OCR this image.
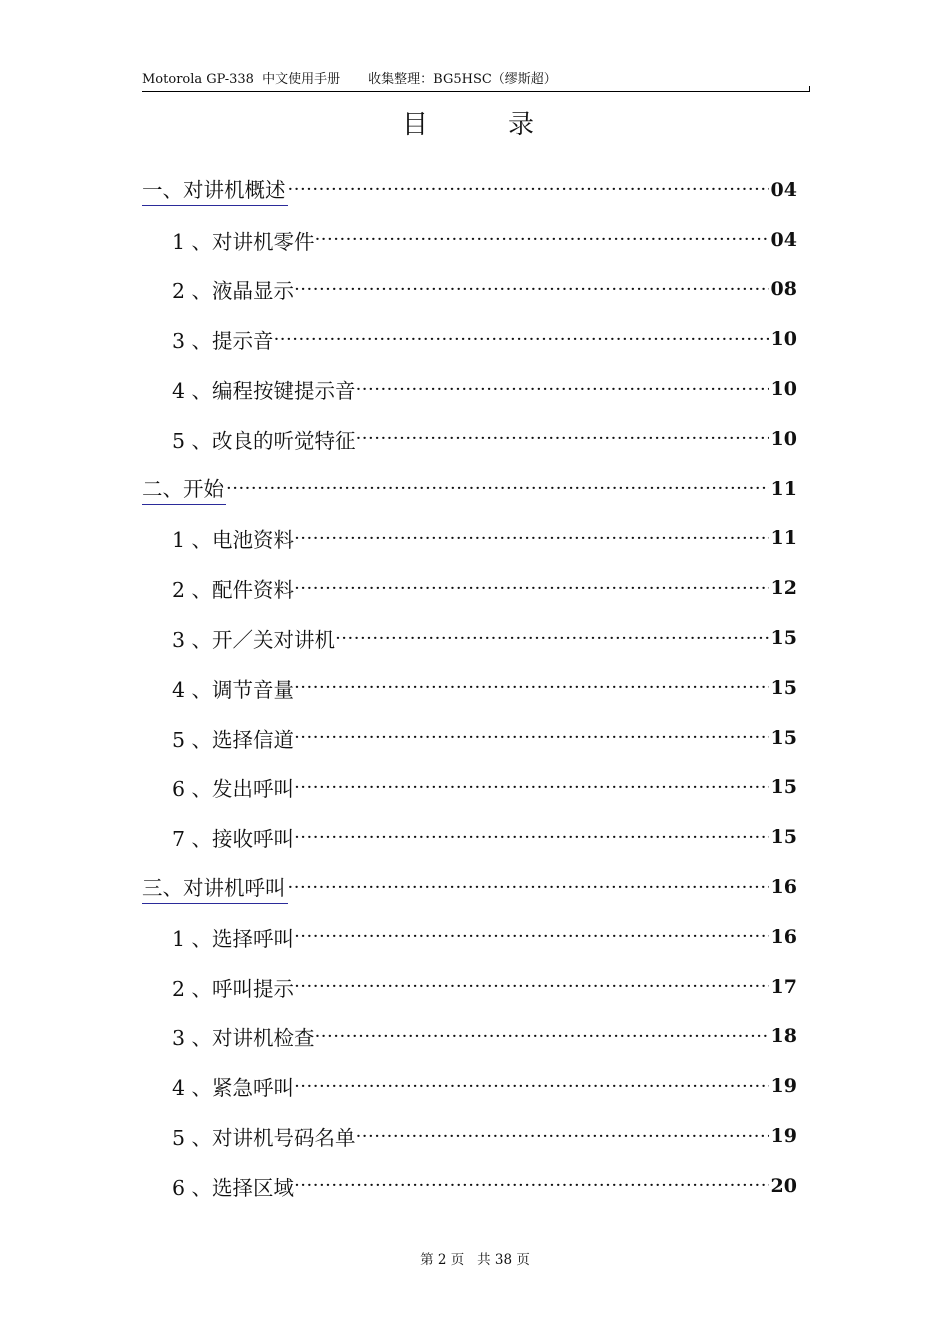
Motorola GP-338  中文使用手册 收集整理：BG5HSC（缪斯超）
目	录
一、对讲机概述 ·····	04
1 、对讲机零件 ·····	04
2 、液晶显示 ·····	08
3 、提示音 ·····	10
4 、编程按键提示音 ·····	10
5 、改良的听觉特征 ·····	10
二、开始 ·····	11
1 、电池资料 ·····	11
2 、配件资料 ·····	12
3 、开／关对讲机 ·····	15
4 、调节音量 ·····	15
5 、选择信道 ·····	15
6 、发出呼叫 ·····	15
7 、接收呼叫 ·····	15
三、对讲机呼叫 ·····	16
1 、选择呼叫 ·····	16
2 、呼叫提示 ·····	17
3 、对讲机检查 ·····	18
4 、紧急呼叫 ·····	19
5 、对讲机号码名单 ·····	19
6 、选择区域 ·····	20
第 2 页 共 38 页
